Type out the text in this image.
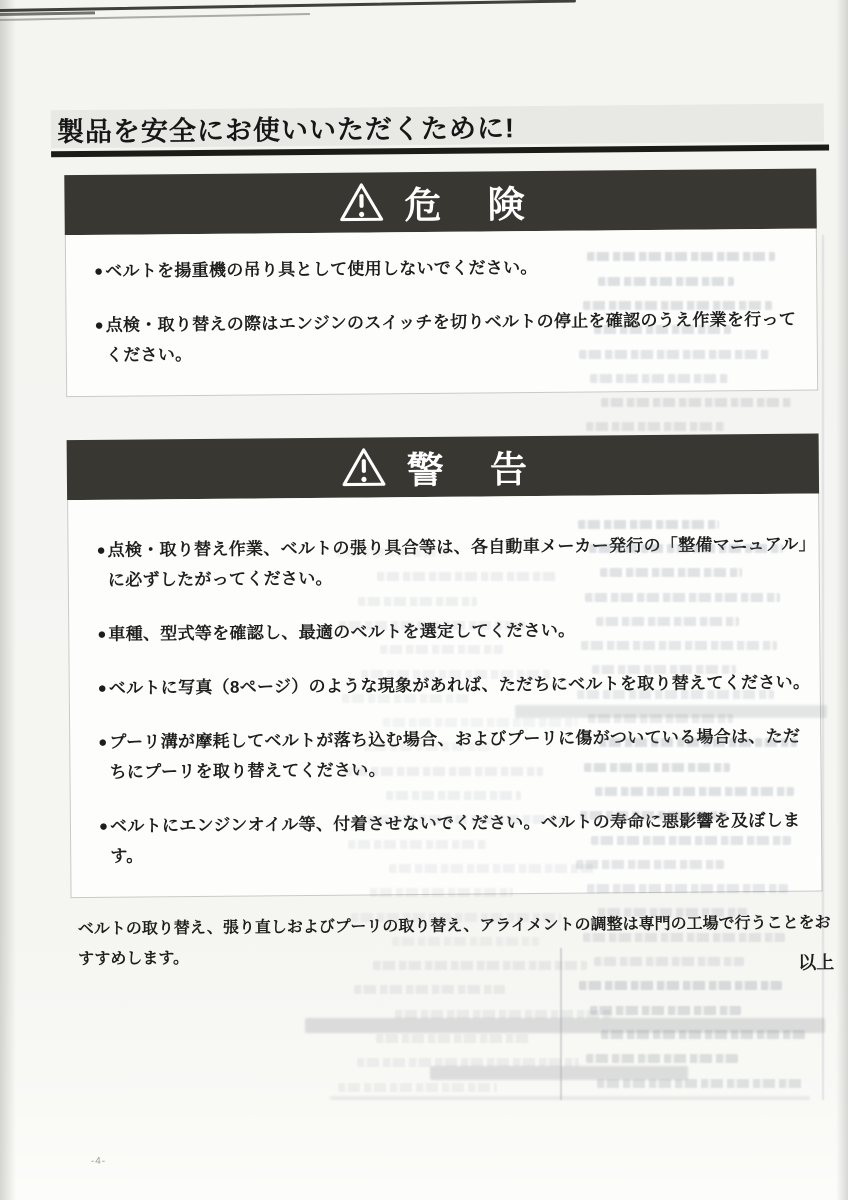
製品を安全にお使いいただくために!
危 険
● ベルトを揚重機の吊り具として使用しないでください。
● 点検・取り替えの際はエンジンのスイッチを切りベルトの停止を確認のうえ作業を行ってください。
警 告
● 点検・取り替え作業、ベルトの張り具合等は、各自動車メーカー発行の「整備マニュアル」に必ずしたがってください。
● 車種、型式等を確認し、最適のベルトを選定してください。
● ベルトに写真（8ページ）のような現象があれば、ただちにベルトを取り替えてください。
● プーリ溝が摩耗してベルトが落ち込む場合、およびプーリに傷がついている場合は、ただちにプーリを取り替えてください。
● ベルトにエンジンオイル等、付着させないでください。ベルトの寿命に悪影響を及ぼします。

ベルトの取り替え、張り直しおよびプーリの取り替え、アライメントの調整は専門の工場で行うことをおすすめします。	以上

-4-
